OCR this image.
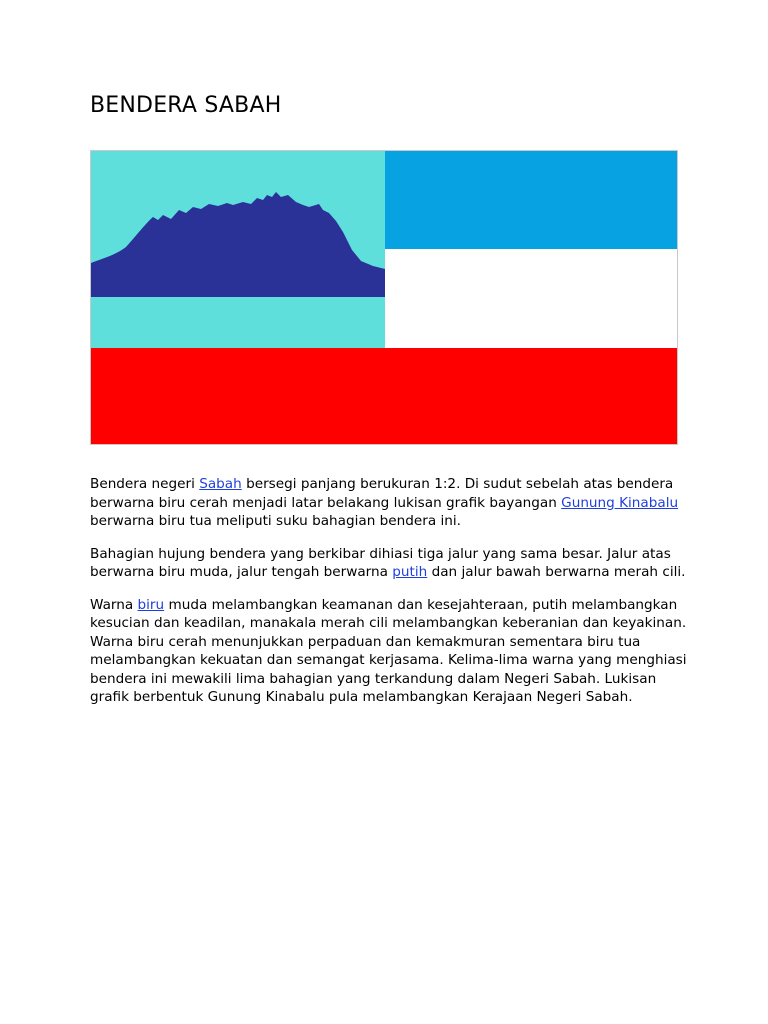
BENDERA SABAH

Bendera negeri Sabah bersegi panjang berukuran 1:2. Di sudut sebelah atas bendera berwarna biru cerah menjadi latar belakang lukisan grafik bayangan Gunung Kinabalu berwarna biru tua meliputi suku bahagian bendera ini.

Bahagian hujung bendera yang berkibar dihiasi tiga jalur yang sama besar. Jalur atas berwarna biru muda, jalur tengah berwarna putih dan jalur bawah berwarna merah cili.

Warna biru muda melambangkan keamanan dan kesejahteraan, putih melambangkan kesucian dan keadilan, manakala merah cili melambangkan keberanian dan keyakinan. Warna biru cerah menunjukkan perpaduan dan kemakmuran sementara biru tua melambangkan kekuatan dan semangat kerjasama. Kelima-lima warna yang menghiasi bendera ini mewakili lima bahagian yang terkandung dalam Negeri Sabah. Lukisan grafik berbentuk Gunung Kinabalu pula melambangkan Kerajaan Negeri Sabah.
